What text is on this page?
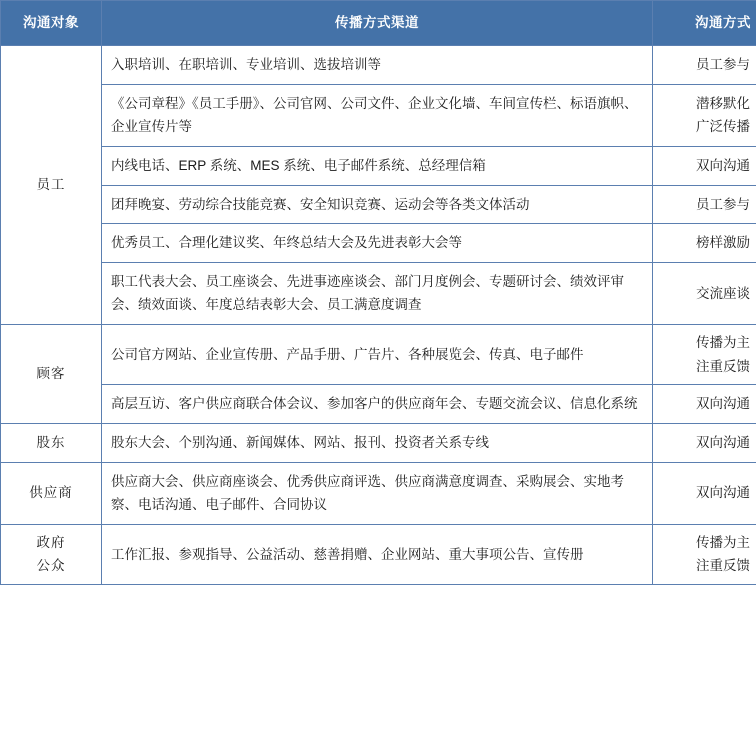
沟通对象	传播方式渠道	沟通方式
员工	入职培训、在职培训、专业培训、选拔培训等	员工参与

	《公司章程》《员工手册》、公司官网、公司文件、企业文化墙、车间宣传栏、标语旗帜、企业宣传片等	潜移默化
广泛传播

	内线电话、ERP 系统、MES 系统、电子邮件系统、总经理信箱	双向沟通

	团拜晚宴、劳动综合技能竞赛、安全知识竞赛、运动会等各类文体活动	员工参与

	优秀员工、合理化建议奖、年终总结大会及先进表彰大会等	榜样激励

	职工代表大会、员工座谈会、先进事迹座谈会、部门月度例会、专题研讨会、绩效评审会、绩效面谈、年度总结表彰大会、员工满意度调查	交流座谈

顾客	公司官方网站、企业宣传册、产品手册、广告片、各种展览会、传真、电子邮件	传播为主
注重反馈

	高层互访、客户供应商联合体会议、参加客户的供应商年会、专题交流会议、信息化系统	双向沟通

股东	股东大会、个别沟通、新闻媒体、网站、报刊、投资者关系专线	双向沟通

供应商	供应商大会、供应商座谈会、优秀供应商评选、供应商满意度调查、采购展会、实地考察、电话沟通、电子邮件、合同协议	双向沟通

政府
公众	工作汇报、参观指导、公益活动、慈善捐赠、企业网站、重大事项公告、宣传册	传播为主
注重反馈
